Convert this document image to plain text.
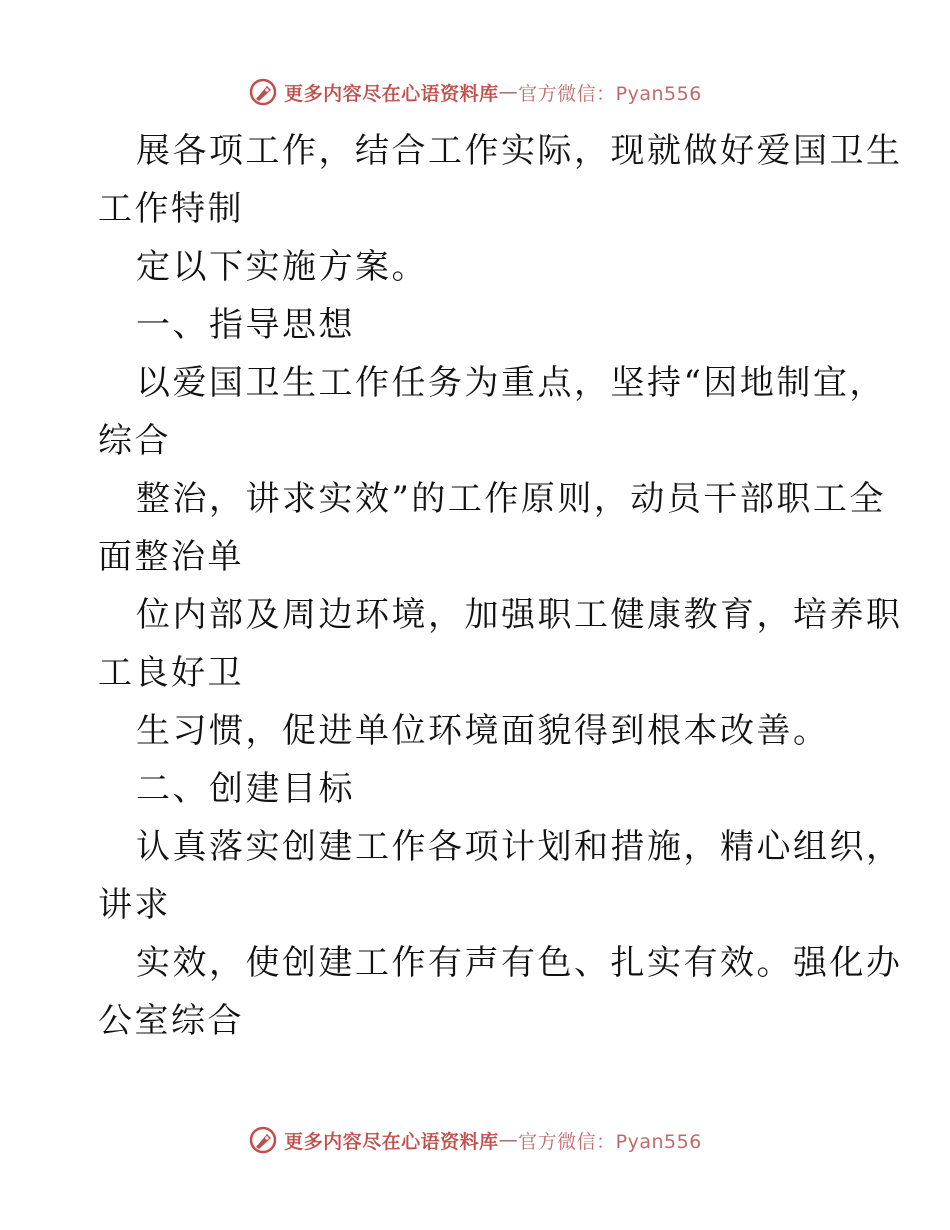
更多内容尽在心语资料库 — 官方微信：Pyan556
展各项工作，结合工作实际，现就做好爱国卫生
工作特制
定以下实施方案。
一、指导思想
以爱国卫生工作任务为重点，坚持“因地制宜，
综合
整治，讲求实效”的工作原则，动员干部职工全
面整治单
位内部及周边环境，加强职工健康教育，培养职
工良好卫
生习惯，促进单位环境面貌得到根本改善。
二、创建目标
认真落实创建工作各项计划和措施，精心组织，
讲求
实效，使创建工作有声有色、扎实有效。强化办
公室综合
更多内容尽在心语资料库 — 官方微信：Pyan556
